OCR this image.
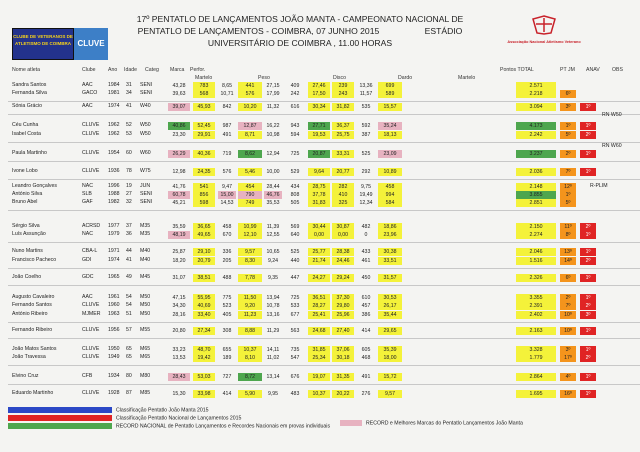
CLUBE DE VETERANOS DE ATLETISMO DE COIMBRA CLUVE
17º PENTATLO DE LANÇAMENTOS JOÃO MANTA - CAMPEONATO NACIONAL DE
PENTATLO DE LANÇAMENTOS - COIMBRA, 07 JUNHO 2015	ESTÁDIO
UNIVERSITÁRIO DE COIMBRA , 11.00 HORAS	Associação Nacional Atletismo Veterano
Nome atleta	Clube Ano Idade Categ Marca Perfor.
Martelo	Peso	Disco	Dardo	Martelo
Pontos TOTAL	PT JM ANAV OBS
Sandra Santos	AAC	1984 31 SENI	43,28	783	8,65	441	27,15	409	27,46	239	13,36	699	2.571
Fernanda Silva	GACO 1981 34 SENI	39,63	568	10,71	576	17,99	242	17,50	243	11,57	589	2.218	6º
Sónia Grácio	AAC	1974 41 W40	39,07	45,93	842	10,20	11,32	616	30,34	31,82	535	15,57	3.094	3º	1º
Céu Cunha	CLUVE 1962 52 W50	40,86	52,45	987	12,87	16,22	943	27,71	36,37	592	35,24	4.173	1º	1º
Isabel Costa	CLUVE 1962 53 W50	23,30	29,91	491	8,71	10,98	594	19,53	25,75	387	18,13	2.242	5º	2º
Paula Martinho	CLUVE 1954 60 W60	26,29	40,36	719	8,62	12,94	725	20,87	33,31	525	23,09	3.237	2º	1º
Ivone Lobo	CLUVE 1936 78 W75	12,98	24,35	576	5,46	10,00	529	9,64	20,77	292	10,89	2.036	7º	1º
Leandro Gonçalves	NAC	1996 19 JUN	41,76	541	9,47	454	28,44	434	28,75	282	9,75	458	2.148	12º
António Silva	SLB	1988 27 SENI	60,78	856	15,00	790	46,76	808	37,78	410	19,49	994	3.855	1º
Bruno Abel	GAF	1982 32 SENI	45,21	598	14,53	749	35,53	505	31,83	325	12,34	584	2.851	5º
Sérgio Silva	ACRSD 1977 37 M35	35,59	36,65	458	10,99	11,39	569	30,44	30,87	482	18,86	2.150	11º	2º
Luís Assunção	NAC	1979 36 M35	48,19	49,65	670	12,10	12,55	640	0,00	0,00	0	23,96	2.274	8º	1º
Nuno Martins	CBA-L 1971 44 M40	25,87	29,10	336	9,57	10,65	525	25,77	28,38	433	30,38	2.046	13º	1º
Francisco Pacheco	GDI	1974 41 M40	18,20	20,79	205	8,30	9,24	440	21,74	24,46	461	33,51	1.516	14º	2º
João Coelho	GDC	1965 49 M45	31,07	38,51	488	7,78	9,35	447	24,27	29,24	450	31,57	2.326	6º	1º
Augusto Cavaleiro	AAC	1961 54 M50	47,15	55,95	775	11,50	13,94	725	36,51	37,30	610	30,53	3.355	2º	1º
Fernando Santos	CLUVE 1960 54 M50	34,30	40,69	523	9,20	10,78	533	28,27	29,80	457	26,17	2.391	7º	2º
António Ribeiro	MJMER 1963 51 M50	28,16	33,40	405	11,23	13,16	677	25,41	25,96	386	35,44	2.402	10º	3º
Fernando Ribeiro	CLUVE 1956 57 M55	20,80	27,34	308	8,88	11,29	563	24,68	27,40	414	29,65	2.163	10º	1º
João Matos Santos	CLUVE 1950 65 M65	33,23	48,70	655	10,37	14,11	735	31,85	37,06	605	35,39	3.328	3º	1º
João Travessa	CLUVE 1949 65 M65	13,53	19,42	189	8,10	11,02	547	25,34	30,18	468	18,00	1.779	17º	2º
Elvino Cruz	CFB	1934 80 M80	28,43	53,03	727	8,72	13,14	676	19,07	31,35	491	15,72	2.864	4º	1º
Eduardo Martinho	CLUVE 1928 87 M85	15,30	33,98	414	5,90	9,95	483	10,37	20,22	276	9,57	1.695	16º	1º
RN W50
RN W60
R-PLIM
Classificação Pentatlo João Manta 2015
Classificação Pentatlo Nacional de Lançamentos 2015
RECORD NACIONAL de Pentatlo Lançamentos e Recordes Nacionais em provas individuais	RECORD e Melhores Marcas do Pentatlo Lançamentos João Manta
